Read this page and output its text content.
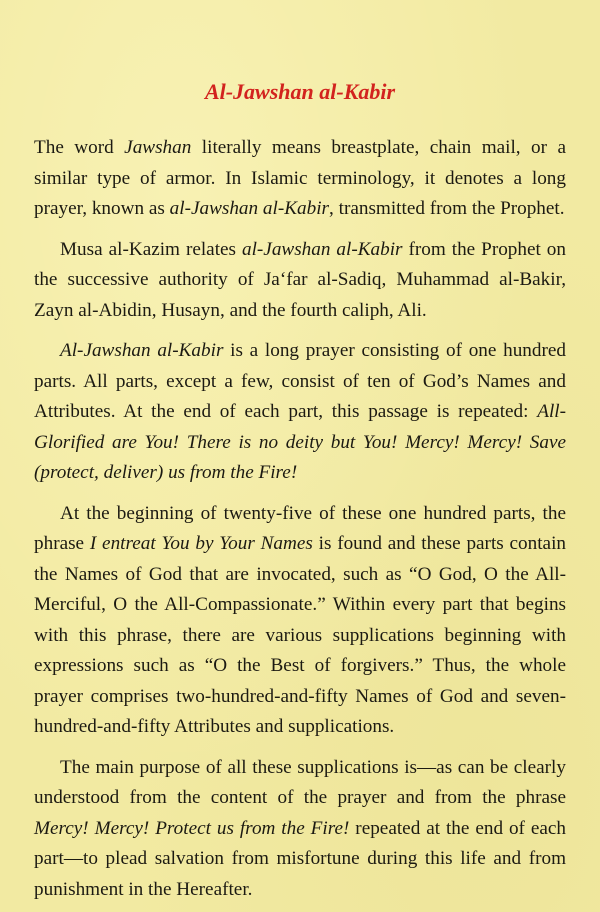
Al-Jawshan al-Kabir

The word Jawshan literally means breastplate, chain mail, or a similar type of armor. In Islamic terminology, it denotes a long prayer, known as al-Jawshan al-Kabir, transmitted from the Prophet.

Musa al-Kazim relates al-Jawshan al-Kabir from the Prophet on the successive authority of Ja‘far al-Sadiq, Muhammad al-Bakir, Zayn al-Abidin, Husayn, and the fourth caliph, Ali.

Al-Jawshan al-Kabir is a long prayer consisting of one hundred parts. All parts, except a few, consist of ten of God’s Names and Attributes. At the end of each part, this passage is repeated: All-Glorified are You! There is no deity but You! Mercy! Mercy! Save (protect, deliver) us from the Fire!

At the beginning of twenty-five of these one hundred parts, the phrase I entreat You by Your Names is found and these parts contain the Names of God that are invocated, such as “O God, O the All-Merciful, O the All-Compassionate.” Within every part that begins with this phrase, there are various supplications beginning with expressions such as “O the Best of forgivers.” Thus, the whole prayer comprises two-hundred-and-fifty Names of God and seven-hundred-and-fifty Attributes and supplications.

The main purpose of all these supplications is—as can be clearly understood from the content of the prayer and from the phrase Mercy! Mercy! Protect us from the Fire! repeated at the end of each part—to plead salvation from misfortune during this life and from punishment in the Hereafter.
